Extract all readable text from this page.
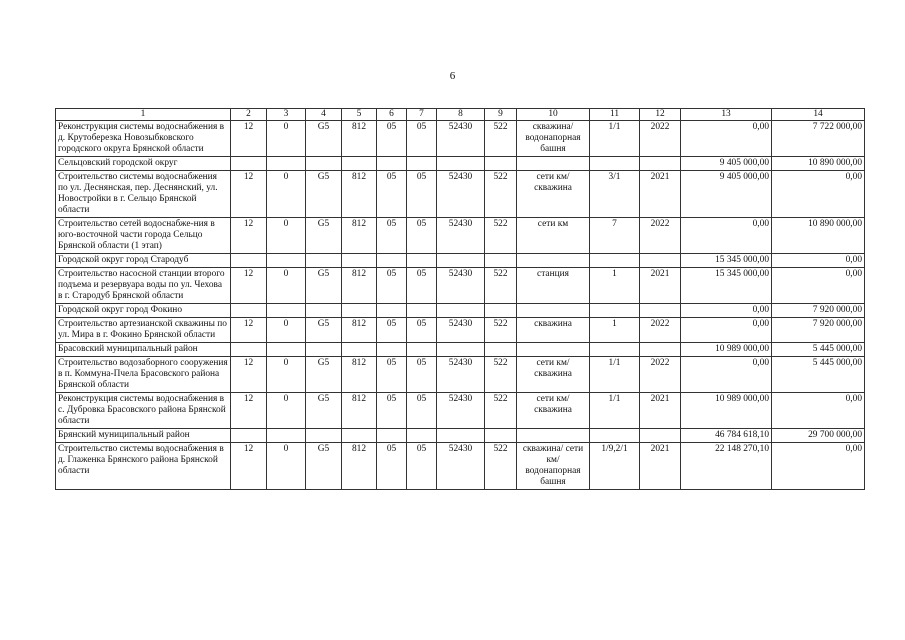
6
1	2	3	4	5	6	7	8	9	10	11	12	13	14
Реконструкция системы водоснабжения в д. Крутоберезка Новозыбковского городского округа Брянской области	12	0	G5	812	05	05	52430	522	скважина/ водонапорная башня	1/1	2022	0,00	7 722 000,00
Сельцовский городской округ												9 405 000,00	10 890 000,00
Строительство системы водоснабжения по ул. Деснянская, пер. Деснянский, ул. Новостройки в г. Сельцо Брянской области	12	0	G5	812	05	05	52430	522	сети км/ скважина	3/1	2021	9 405 000,00	0,00
Строительство сетей водоснабже-ния в юго-восточной части города Сельцо Брянской области (1 этап)	12	0	G5	812	05	05	52430	522	сети км	7	2022	0,00	10 890 000,00
Городской округ город Стародуб												15 345 000,00	0,00
Строительство насосной станции второго подъема и резервуара воды по ул. Чехова в г. Стародуб Брянской области	12	0	G5	812	05	05	52430	522	станция	1	2021	15 345 000,00	0,00
Городской округ город Фокино												0,00	7 920 000,00
Строительство артезианской скважины по ул. Мира в г. Фокино Брянской области	12	0	G5	812	05	05	52430	522	скважина	1	2022	0,00	7 920 000,00
Брасовский муниципальный район												10 989 000,00	5 445 000,00
Строительство водозаборного сооружения в п. Коммуна-Пчела Брасовского района Брянской области	12	0	G5	812	05	05	52430	522	сети км/ скважина	1/1	2022	0,00	5 445 000,00
Реконструкция системы водоснабжения в с. Дубровка Брасовского района Брянской области	12	0	G5	812	05	05	52430	522	сети км/ скважина	1/1	2021	10 989 000,00	0,00
Брянский муниципальный район												46 784 618,10	29 700 000,00
Строительство системы водоснабжения в д. Глаженка Брянского района Брянской области	12	0	G5	812	05	05	52430	522	скважина/ сети км/ водонапорная башня	1/9,2/1	2021	22 148 270,10	0,00
